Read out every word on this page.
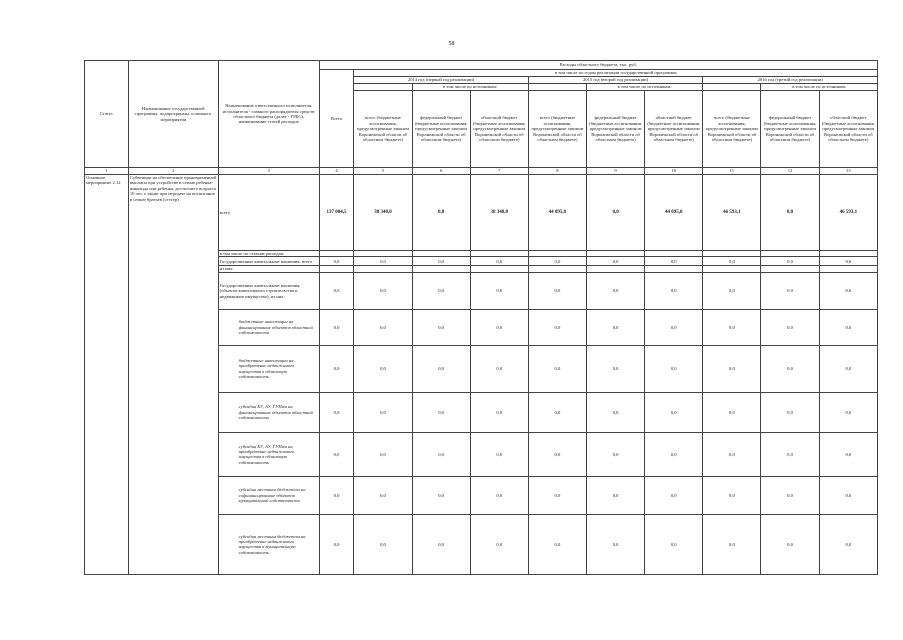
58
Статус	Наименование государственной программы, подпрограммы, основного мероприятия	Наименование ответственного исполнителя, исполнителя - главного распорядителя средств областного бюджета (далее - ГРБС), наименование статей расходов	Расходы областного бюджета, тыс. руб.									
			Всего	в том числе по годам реализации государственной программы								
				2014 год (первый год реализации)			2015 год (второй год реализации)			2016 год (третий год реализации)		
					в том числе по источникам:			в том числе по источникам:			в том числе по источникам:	
				всего (бюджетные ассигнования, предусмотренные законом Воронежской области об областном бюджете)	федеральный бюджет (бюджетные ассигнования, предусмотренные законом Воронежской области об областном бюджете)	областной бюджет (бюджетные ассигнования, предусмотренные законом Воронежской области об областном бюджете)	всего (бюджетные ассигнования, предусмотренные законом Воронежской области об областном бюджете)	федеральный бюджет (бюджетные ассигнования, предусмотренные законом Воронежской области об областном бюджете)	областной бюджет (бюджетные ассигнования, предусмотренные законом Воронежской области об областном бюджете)	всего (бюджетные ассигнования, предусмотренные законом Воронежской области об областном бюджете)	федеральный бюджет (бюджетные ассигнования, предусмотренные законом Воронежской области об областном бюджете)	областной бюджет (бюджетные ассигнования, предусмотренные законом Воронежской области об областном бюджете)
1	2	3	4	5	6	7	8	9	10	11	12	13
Основное мероприятие 2.12	Субвенции на обеспечение единовременной выплаты при устройстве в семью ребенка-инвалида или ребенка, достигшего возраста 10 лет, а также при передаче на воспитание в семью братьев (сестер)	всего	137 004,5	38 340,0	0,0	38 340,0	44 095,0	0,0	44 095,0	46 593,1	0,0	46 593,1
		в том числе по статьям расходов:										
		Государственные капитальные вложения, всего	0,0	0,0	0,0	0,0	0,0	0,0	0,0	0,0	0,0	0,0
		из них:										
		Государственные капитальные вложения (объекты капитального строительства и недвижимое имущество), из них:	0,0	0,0	0,0	0,0	0,0	0,0	0,0	0,0	0,0	0,0
		бюджетные инвестиции на финансирование объектов областной собственности	0,0	0,0	0,0	0,0	0,0	0,0	0,0	0,0	0,0	0,0
		бюджетные инвестиции на приобретение недвижимого имущества в областную собственность	0,0	0,0	0,0	0,0	0,0	0,0	0,0	0,0	0,0	0,0
		субсидии БУ, АУ, ГУПам на финансирование объектов областной собственности	0,0	0,0	0,0	0,0	0,0	0,0	0,0	0,0	0,0	0,0
		субсидии БУ, АУ, ГУПам на приобретение недвижимого имущества в областную собственность	0,0	0,0	0,0	0,0	0,0	0,0	0,0	0,0	0,0	0,0
		субсидии местным бюджетам на софинансирование объектов муниципальной собственности	0,0	0,0	0,0	0,0	0,0	0,0	0,0	0,0	0,0	0,0
		субсидии местным бюджетам на приобретение недвижимого имущества в муниципальную собственность	0,0	0,0	0,0	0,0	0,0	0,0	0,0	0,0	0,0	0,0
